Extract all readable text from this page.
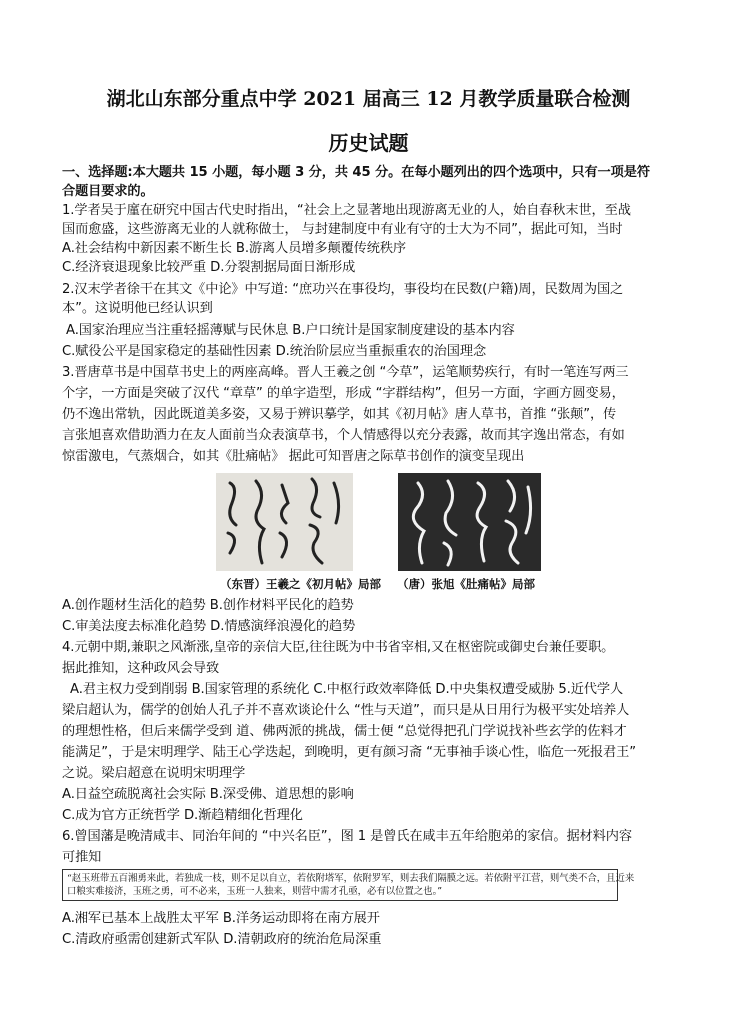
湖北山东部分重点中学 2021 届高三 12 月教学质量联合检测
历史试题
一、选择题:本大题共 15 小题，每小题 3 分，共 45 分。在每小题列出的四个选项中，只有一项是符
合题目要求的。
1.学者吴于廑在研究中国古代史时指出，“社会上之显著地出现游离无业的人，始自春秋末世，至战
国而愈盛，这些游离无业的人就称做士， 与封建制度中有业有守的士大为不同”，据此可知，当时
A.社会结构中新因素不断生长 B.游离人员增多颠覆传统秩序
C.经济衰退现象比较严重 D.分裂割据局面日渐形成
2.汉末学者徐干在其文《中论》中写道: “庶功兴在事役均，事役均在民数(户籍)周，民数周为国之
本”。这说明他已经认识到
A.国家治理应当注重轻摇薄赋与民休息 B.户口统计是国家制度建设的基本内容
C.赋役公平是国家稳定的基础性因素 D.统治阶层应当重振重农的治国理念
3.晋唐草书是中国草书史上的两座高峰。晋人王羲之创 “今草”，运笔顺势疾行，有时一笔连写两三
个字，一方面是突破了汉代 “章草” 的单字造型，形成 “字群结构”，但另一方面，字画方圆变易，
仍不逸出常轨，因此既道美多姿，又易于辨识摹学，如其《初月帖》唐人草书，首推 “张颠”，传
言张旭喜欢借助酒力在友人面前当众表演草书，个人情感得以充分表露，故而其字逸出常态，有如
惊雷激电，气蒸烟合，如其《肚痛帖》 据此可知晋唐之际草书创作的演变呈现出
（东晋）王羲之《初月帖》局部 （唐）张旭《肚痛帖》局部
A.创作题材生活化的趋势 B.创作材料平民化的趋势
C.审美法度去标准化趋势 D.情感演绎浪漫化的趋势
4.元朝中期,兼职之风渐涨,皇帝的亲信大臣,往往既为中书省宰相,又在枢密院或御史台兼任要职。
据此推知，这种政风会导致
A.君主权力受到削弱 B.国家管理的系统化 C.中枢行政效率降低 D.中央集权遭受威胁 5.近代学人
梁启超认为，儒学的创始人孔子并不喜欢谈论什么 “性与天道”，而只是从日用行为极平实处培养人
的理想性格，但后来儒学受到 道、佛两派的挑战，儒士便 “总觉得把孔门学说找补些玄学的佐料才
能满足”，于是宋明理学、陆王心学迭起，到晚明，更有颜习斋 “无事袖手谈心性，临危一死报君王”
之说。梁启超意在说明宋明理学
A.日益空疏脱离社会实际 B.深受佛、道思想的影响
C.成为官方正统哲学 D.渐趋精细化哲理化
6.曾国藩是晚清咸丰、同治年间的 “中兴名臣”，图 1 是曾氏在咸丰五年给胞弟的家信。据材料内容
可推知
“赵玉班带五百湘勇来此，若独成一枝，则不足以自立，若依附塔军，依附罗军，则去我们隔膜之远。若依附平江营，则气类不合，且近来
口粮实难接济，玉班之勇，可不必来，玉班一人独来，则营中需才孔亟，必有以位置之也。”
A.湘军已基本上战胜太平军 B.洋务运动即将在南方展开
C.清政府亟需创建新式军队 D.清朝政府的统治危局深重
